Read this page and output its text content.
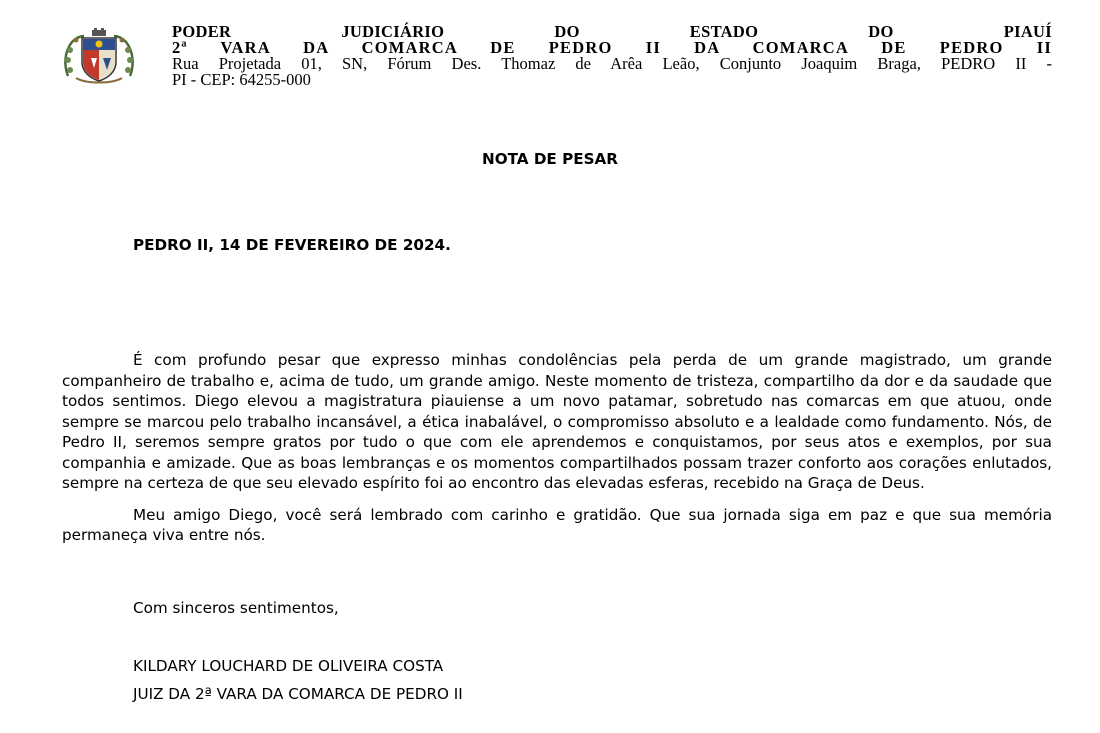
PODER JUDICIÁRIO DO ESTADO DO PIAUÍ
2ª VARA DA COMARCA DE PEDRO II DA COMARCA DE PEDRO II
Rua Projetada 01, SN, Fórum Des. Thomaz de Arêa Leão, Conjunto Joaquim Braga, PEDRO II -
PI - CEP: 64255-000
NOTA DE PESAR
PEDRO II, 14 DE FEVEREIRO DE 2024.

É com profundo pesar que expresso minhas condolências pela perda de um grande magistrado, um grande companheiro de trabalho e, acima de tudo, um grande amigo. Neste momento de tristeza, compartilho da dor e da saudade que todos sentimos. Diego elevou a magistratura piauiense a um novo patamar, sobretudo nas comarcas em que atuou, onde sempre se marcou pelo trabalho incansável, a ética inabalável, o compromisso absoluto e a lealdade como fundamento. Nós, de Pedro II, seremos sempre gratos por tudo o que com ele aprendemos e conquistamos, por seus atos e exemplos, por sua companhia e amizade. Que as boas lembranças e os momentos compartilhados possam trazer conforto aos corações enlutados, sempre na certeza de que seu elevado espírito foi ao encontro das elevadas esferas, recebido na Graça de Deus.

Meu amigo Diego, você será lembrado com carinho e gratidão. Que sua jornada siga em paz e que sua memória permaneça viva entre nós.

Com sinceros sentimentos,
KILDARY LOUCHARD DE OLIVEIRA COSTA
JUIZ DA 2ª VARA DA COMARCA DE PEDRO II
